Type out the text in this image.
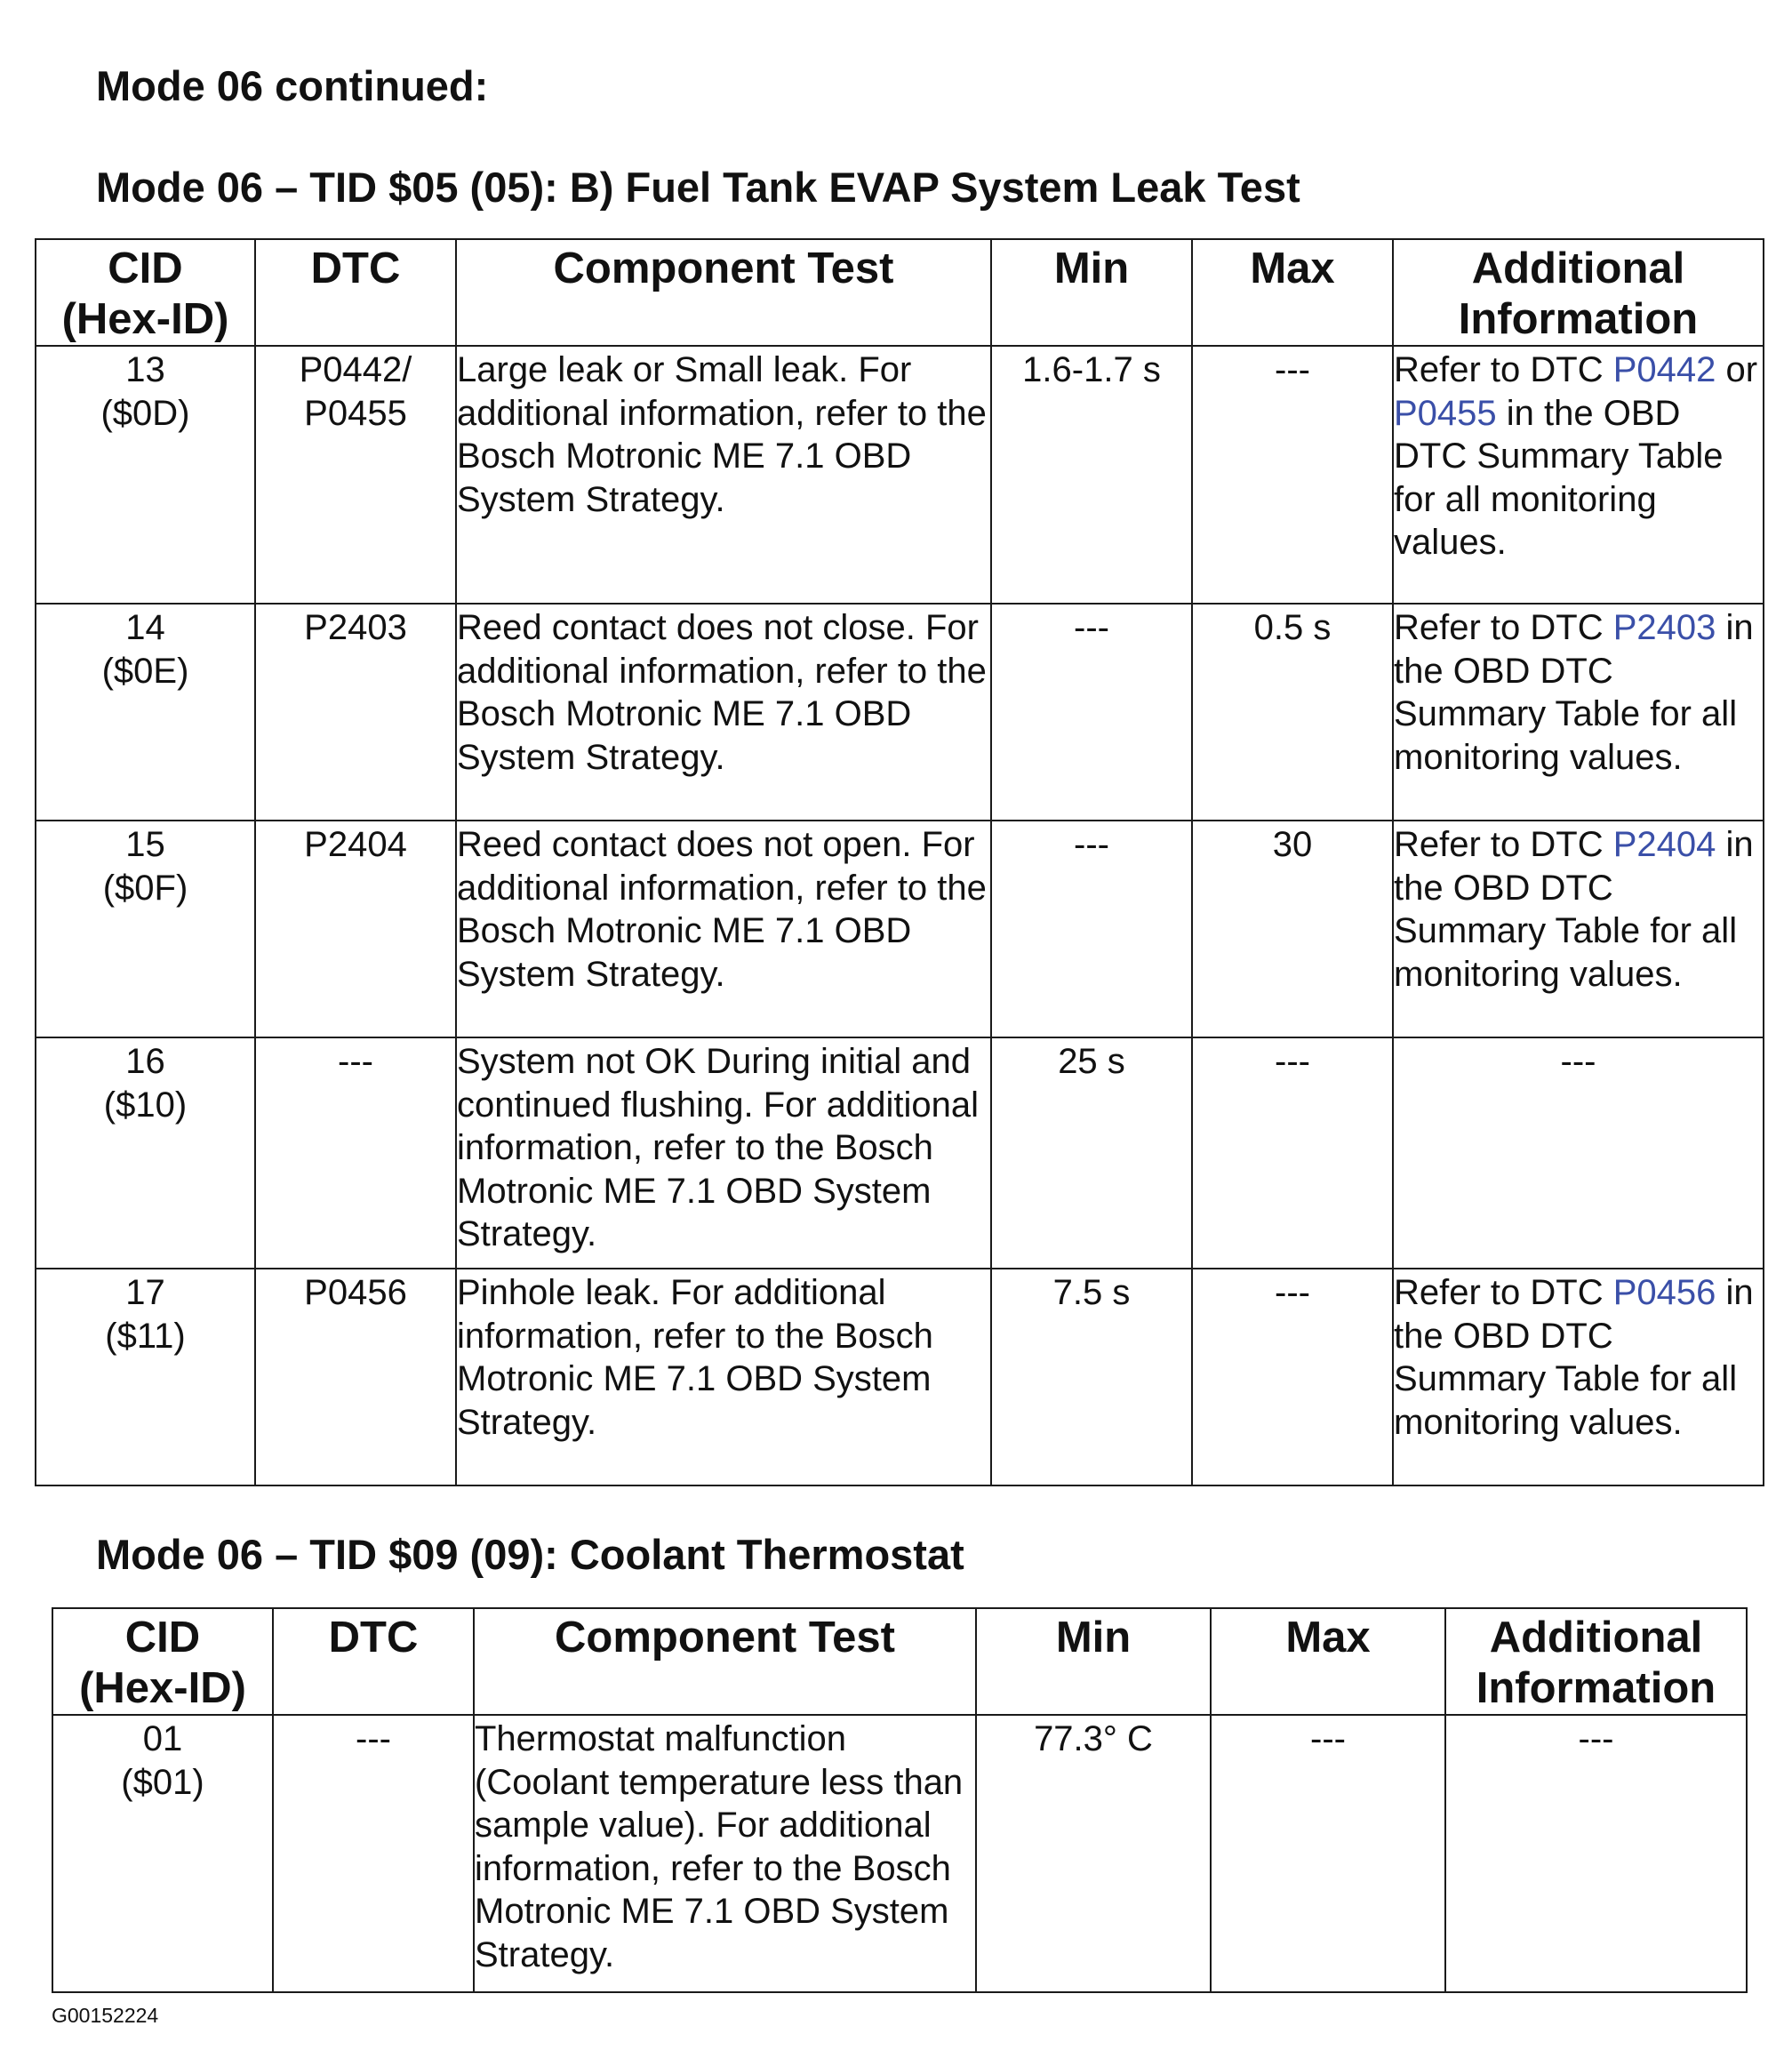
Mode 06 continued:
Mode 06 – TID $05 (05): B) Fuel Tank EVAP System Leak Test
CID
(Hex-ID)	DTC	Component Test	Min	Max	Additional
Information

13
($0D)	P0442/
P0455	Large leak or Small leak. For additional information, refer to the Bosch Motronic ME 7.1 OBD System Strategy.	1.6-1.7 s	---	Refer to DTC P0442 or P0455 in the OBD DTC Summary Table for all monitoring values.

14
($0E)	P2403	Reed contact does not close. For additional information, refer to the Bosch Motronic ME 7.1 OBD System Strategy.	---	0.5 s	Refer to DTC P2403 in the OBD DTC Summary Table for all monitoring values.

15
($0F)	P2404	Reed contact does not open. For additional information, refer to the Bosch Motronic ME 7.1 OBD System Strategy.	---	30	Refer to DTC P2404 in the OBD DTC Summary Table for all monitoring values.

16
($10)	---	System not OK During initial and continued flushing. For additional information, refer to the Bosch Motronic ME 7.1 OBD System Strategy.	25 s	---	---

17
($11)	P0456	Pinhole leak. For additional information, refer to the Bosch Motronic ME 7.1 OBD System Strategy.	7.5 s	---	Refer to DTC P0456 in the OBD DTC Summary Table for all monitoring values.
Mode 06 – TID $09 (09): Coolant Thermostat
CID
(Hex-ID)	DTC	Component Test	Min	Max	Additional
Information

01
($01)	---	Thermostat malfunction (Coolant temperature less than sample value). For additional information, refer to the Bosch Motronic ME 7.1 OBD System Strategy.	77.3° C	---	---
G00152224
